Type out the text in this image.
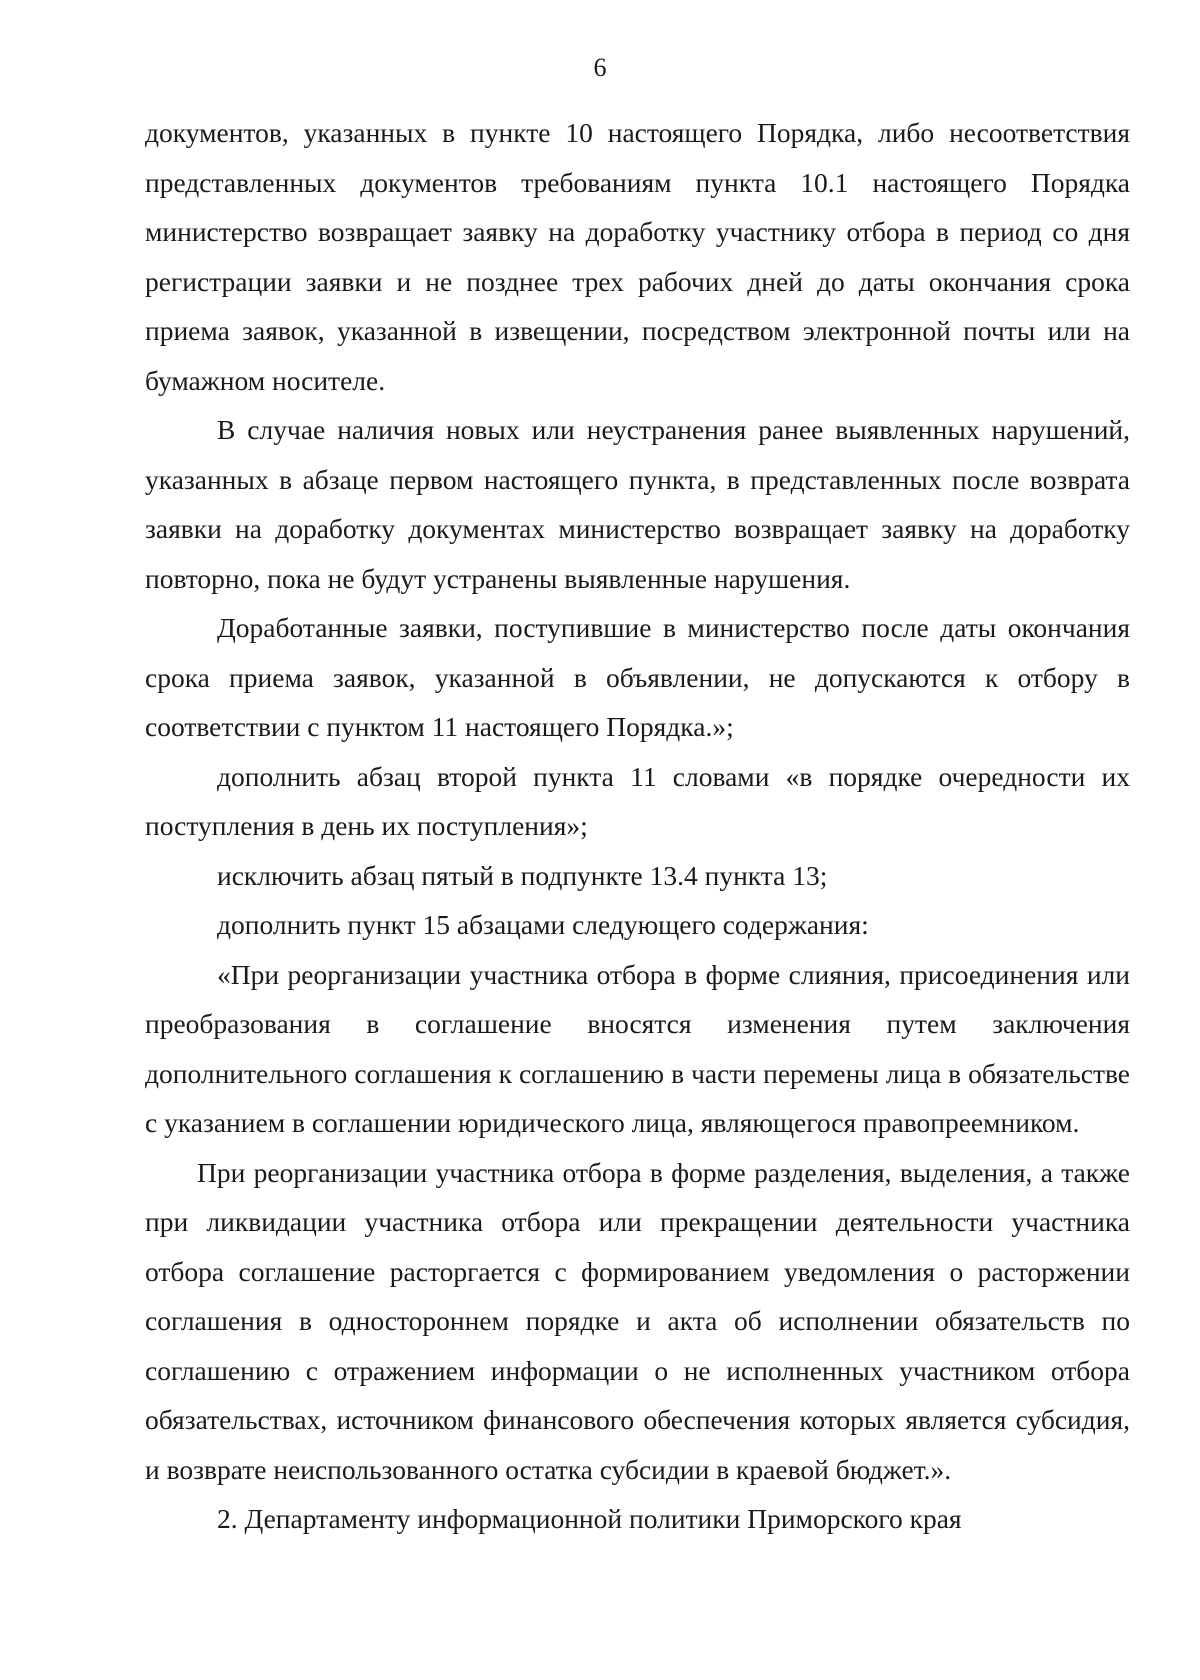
6

документов, указанных в пункте 10 настоящего Порядка, либо несоответствия представленных документов требованиям пункта 10.1 настоящего Порядка министерство возвращает заявку на доработку участнику отбора в период со дня регистрации заявки и не позднее трех рабочих дней до даты окончания срока приема заявок, указанной в извещении, посредством электронной почты или на бумажном носителе.

В случае наличия новых или неустранения ранее выявленных нарушений, указанных в абзаце первом настоящего пункта, в представленных после возврата заявки на доработку документах министерство возвращает заявку на доработку повторно, пока не будут устранены выявленные нарушения.

Доработанные заявки, поступившие в министерство после даты окончания срока приема заявок, указанной в объявлении, не допускаются к отбору в соответствии с пунктом 11 настоящего Порядка.»;

дополнить абзац второй пункта 11 словами «в порядке очередности их поступления в день их поступления»;

исключить абзац пятый в подпункте 13.4 пункта 13;

дополнить пункт 15 абзацами следующего содержания:

«При реорганизации участника отбора в форме слияния, присоединения или преобразования в соглашение вносятся изменения путем заключения дополнительного соглашения к соглашению в части перемены лица в обязательстве с указанием в соглашении юридического лица, являющегося правопреемником.

При реорганизации участника отбора в форме разделения, выделения, а также при ликвидации участника отбора или прекращении деятельности участника отбора соглашение расторгается с формированием уведомления о расторжении соглашения в одностороннем порядке и акта об исполнении обязательств по соглашению с отражением информации о не исполненных участником отбора обязательствах, источником финансового обеспечения которых является субсидия, и возврате неиспользованного остатка субсидии в краевой бюджет.».

2. Департаменту информационной политики Приморского края
